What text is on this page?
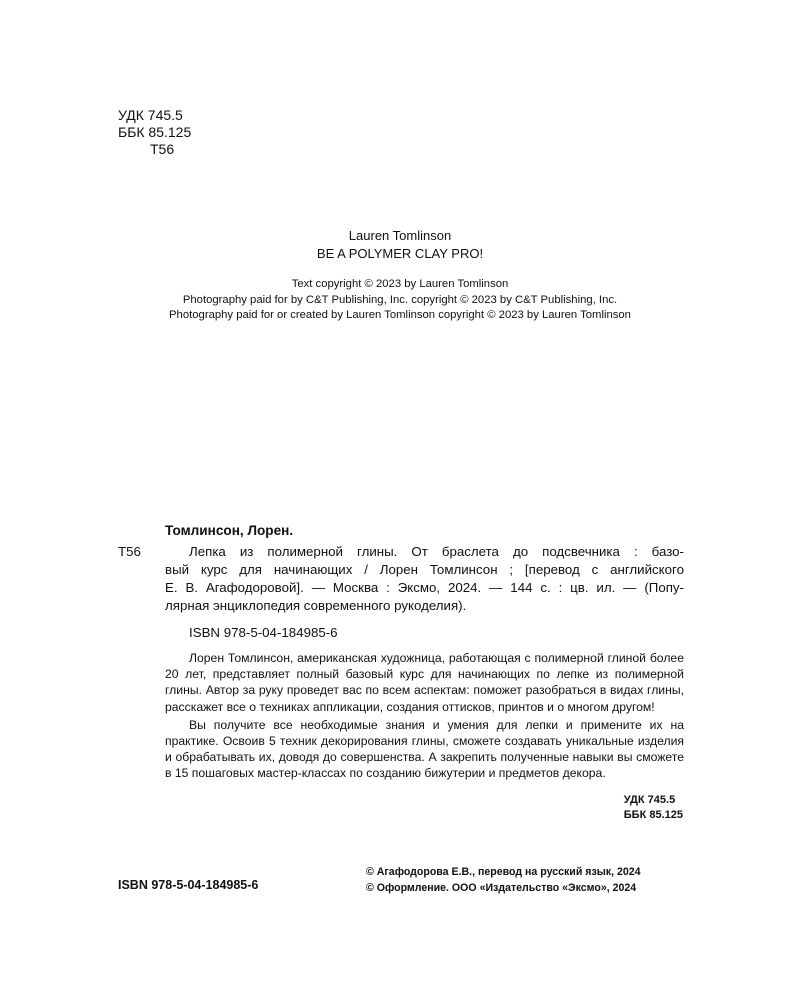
УДК 745.5
ББК 85.125
Т56
Lauren Tomlinson
BE A POLYMER CLAY PRO!
Text copyright © 2023 by Lauren Tomlinson
Photography paid for by C&T Publishing, Inc. copyright © 2023 by C&T Publishing, Inc.
Photography paid for or created by Lauren Tomlinson copyright © 2023 by Lauren Tomlinson
Томлинсон, Лорен.
Т56	Лепка из полимерной глины. От браслета до подсвечника : базо-
вый курс для начинающих / Лорен Томлинсон ; [перевод с английского
Е. В. Агафодоровой]. — Москва : Эксмо, 2024. — 144 с. : цв. ил. — (Попу-
лярная энциклопедия современного рукоделия).
ISBN 978-5-04-184985-6

Лорен Томлинсон, американская художница, работающая с полимерной глиной более 20 лет, представляет полный базовый курс для начинающих по лепке из полимерной глины. Автор за руку проведет вас по всем аспектам: поможет разобраться в видах глины, расскажет все о техниках аппликации, создания оттисков, принтов и о многом другом!

Вы получите все необходимые знания и умения для лепки и примените их на практике. Освоив 5 техник декорирования глины, сможете создавать уникальные изделия и обрабатывать их, доводя до совершенства. А закрепить полученные навыки вы сможете в 15 пошаговых мастер-классах по созданию бижутерии и предметов декора.

УДК 745.5
ББК 85.125
ISBN 978-5-04-184985-6
© Агафодорова Е.В., перевод на русский язык, 2024
© Оформление. ООО «Издательство «Эксмо», 2024
